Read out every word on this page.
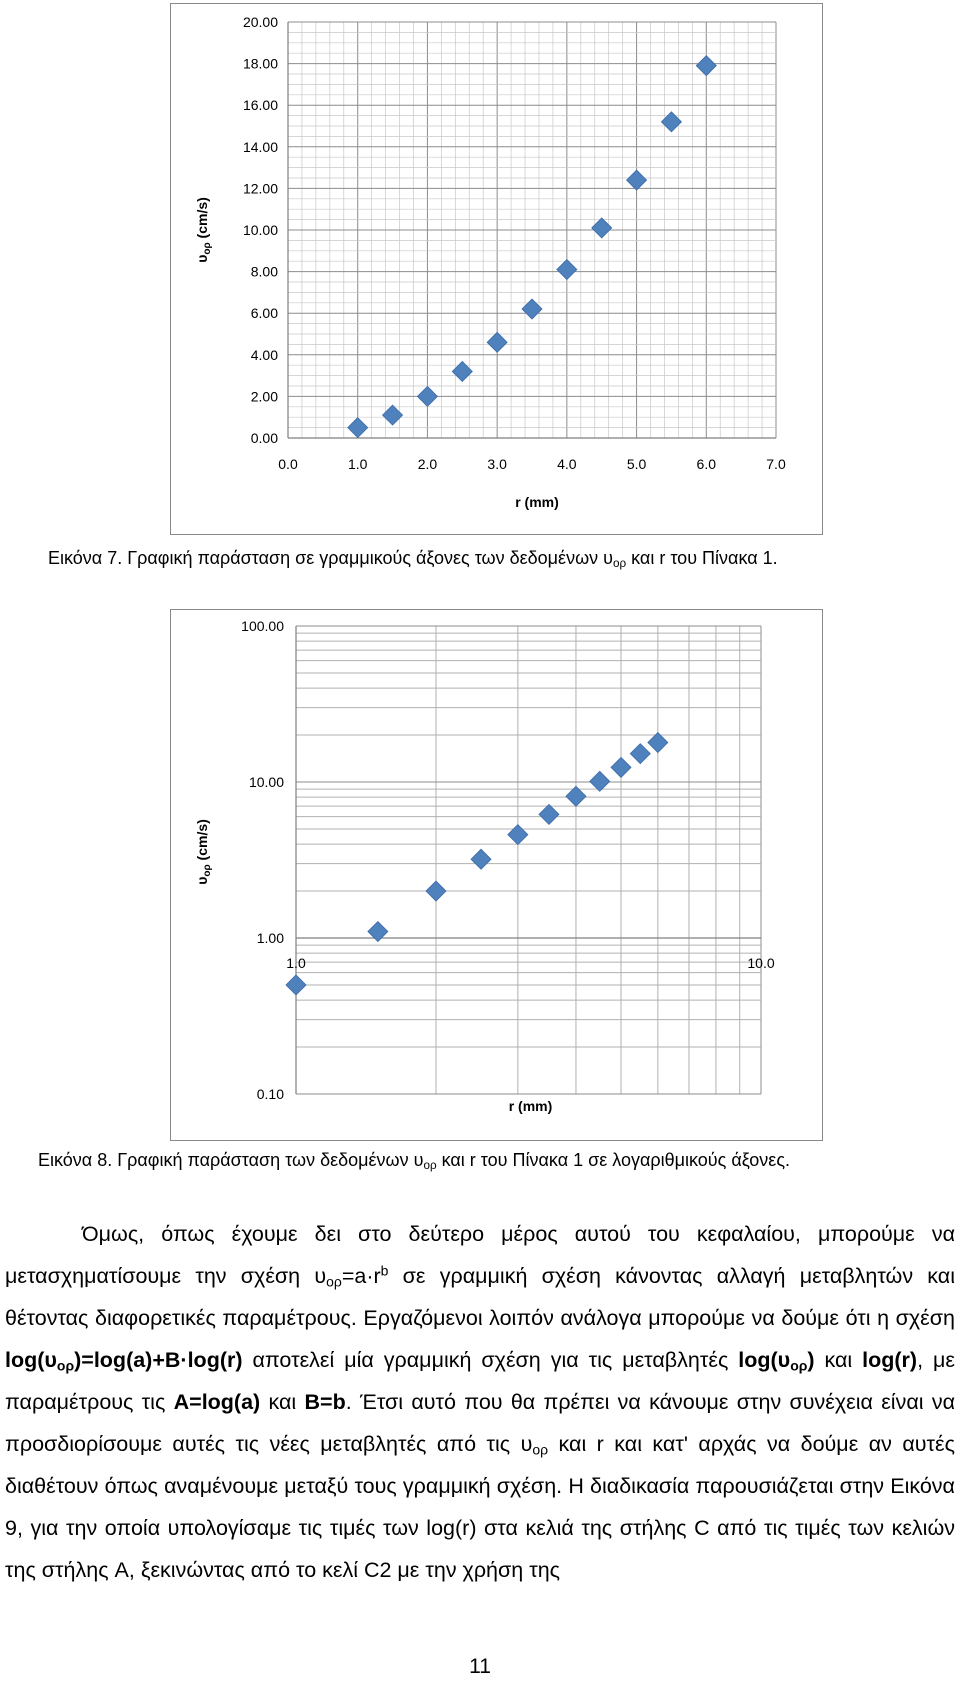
0.00
2.00
4.00
6.00
8.00
10.00
12.00
14.00
16.00
18.00
20.00
0.0	1.0	2.0	3.0	4.0	5.0	6.0	7.0
r (mm)
$\upsilon_{o\rho}$ (cm/s)
Εικόνα 7. Γραφική παράσταση σε γραμμικούς άξονες των δεδομένων $\upsilon_{o\rho}$ και r του Πίνακα 1.
0.10
1.00
10.00
100.00
1.0	10.0
r (mm)
$\upsilon_{o\rho}$ (cm/s)
Εικόνα 8. Γραφική παράσταση των δεδομένων $\upsilon_{o\rho}$ και r του Πίνακα 1 σε λογαριθμικούς άξονες.

Όμως, όπως έχουμε δει στο δεύτερο μέρος αυτού του κεφαλαίου, μπορούμε να μετασχηματίσουμε την σχέση $\upsilon_{o\rho}=a\cdot r^b$ σε γραμμική σχέση κάνοντας αλλαγή μεταβλητών και θέτοντας διαφορετικές παραμέτρους. Εργαζόμενοι λοιπόν ανάλογα μπορούμε να δούμε ότι η σχέση $\log(\upsilon_{o\rho})=\log(a)+B\cdot\log(r)$ αποτελεί μία γραμμική σχέση για τις μεταβλητές $\log(\upsilon_{o\rho})$ και log(r), με παραμέτρους τις A=log(a) και B=b. Έτσι αυτό που θα πρέπει να κάνουμε στην συνέχεια είναι να προσδιορίσουμε αυτές τις νέες μεταβλητές από τις $\upsilon_{o\rho}$ και r και κατ' αρχάς να δούμε αν αυτές διαθέτουν όπως αναμένουμε μεταξύ τους γραμμική σχέση. Η διαδικασία παρουσιάζεται στην Εικόνα 9, για την οποία υπολογίσαμε τις τιμές των log(r) στα κελιά της στήλης C από τις τιμές των κελιών της στήλης A, ξεκινώντας από το κελί C2 με την χρήση της

11
